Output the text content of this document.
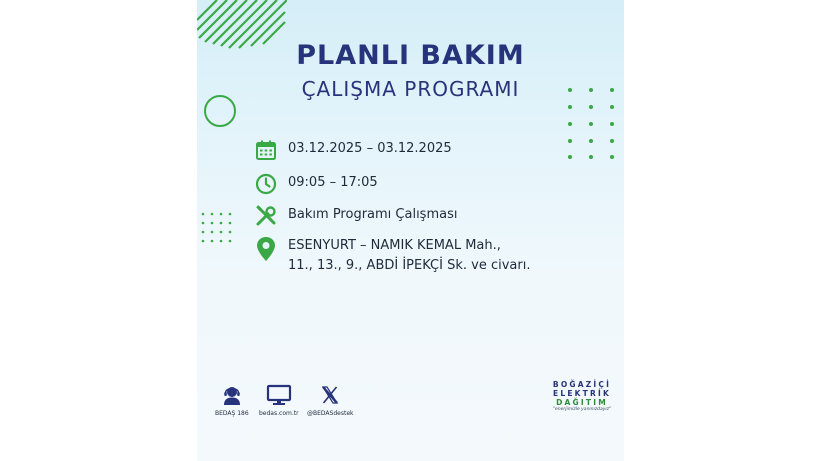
PLANLI BAKIM
ÇALIŞMA PROGRAMI
03.12.2025 – 03.12.2025
09:05 – 17:05
Bakım Programı Çalışması
ESENYURT – NAMIK KEMAL Mah.,
11., 13., 9., ABDİ İPEKÇİ Sk. ve civarı.
BEDAŞ 186 bedas.com.tr @BEDASdestek
BOĞAZİÇİ
ELEKTRİK
DAĞITIM
"enerjimizle yanınızdayız"
